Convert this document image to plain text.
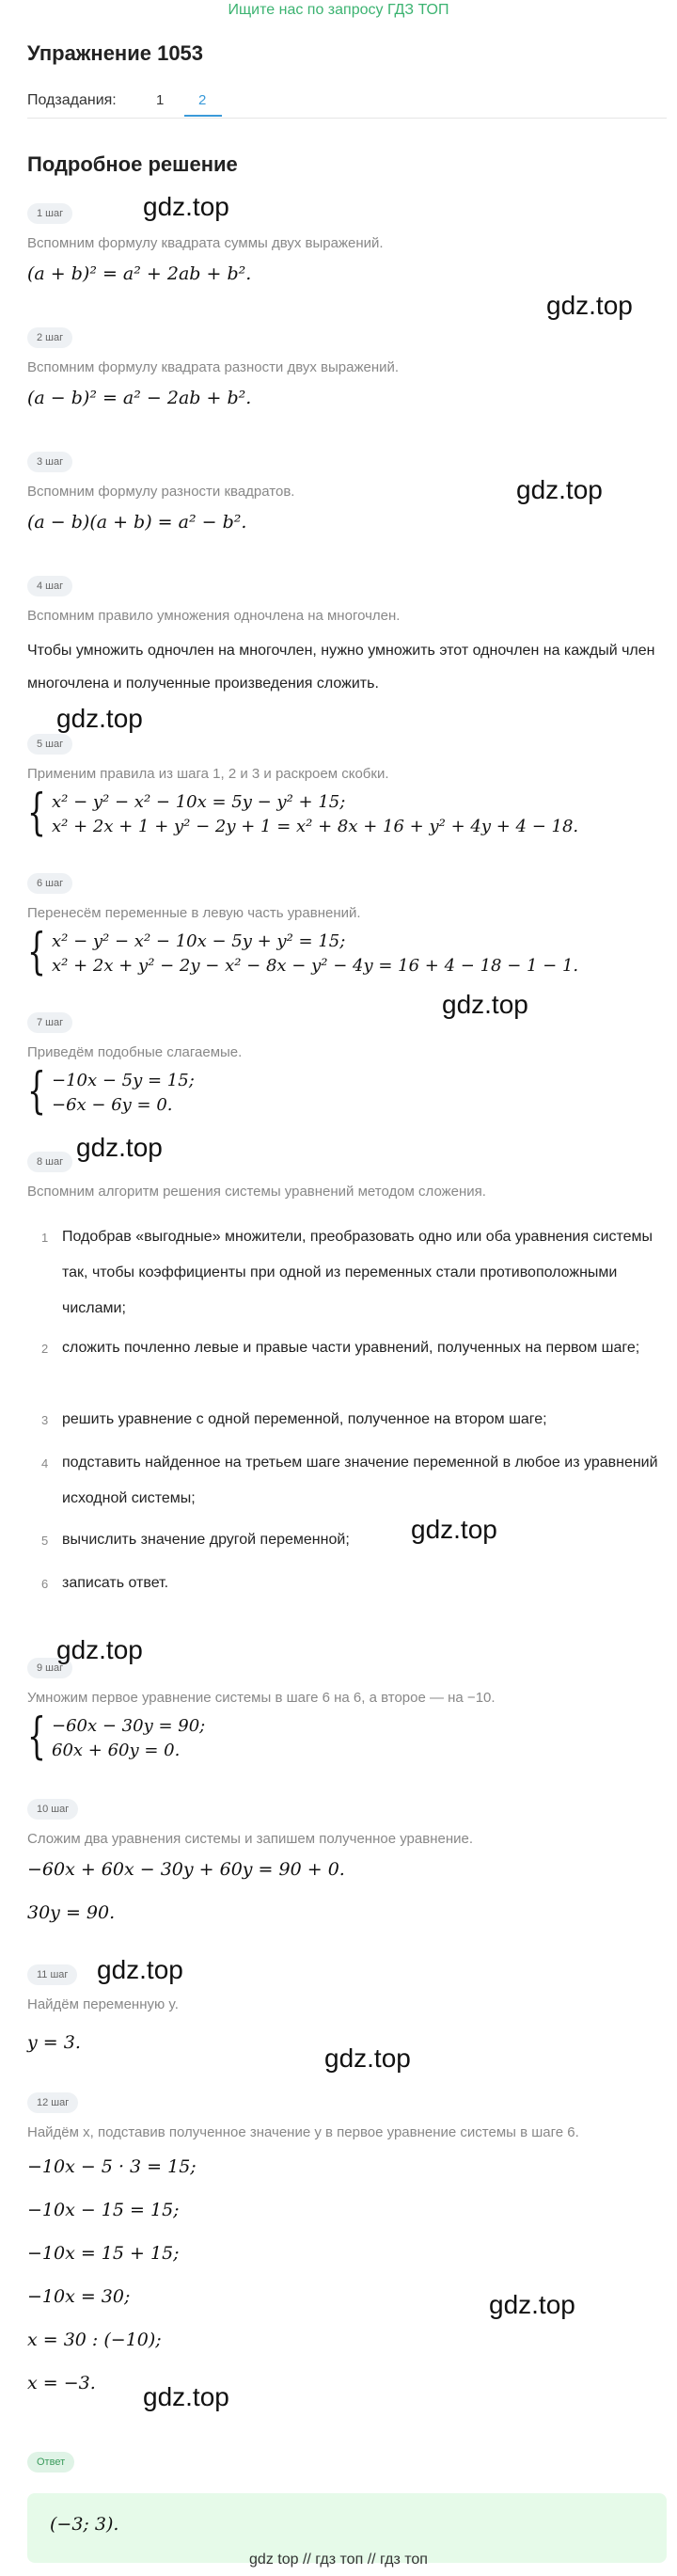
Ищите нас по запросу ГДЗ ТОП
Упражнение 1053
Подзадания:	1 2
Подробное решение
1 шаг
Вспомним формулу квадрата суммы двух выражений.
(a + b)² = a² + 2ab + b².
2 шаг
Вспомним формулу квадрата разности двух выражений.
(a − b)² = a² − 2ab + b².
3 шаг
Вспомним формулу разности квадратов.
(a − b)(a + b) = a² − b².
4 шаг
Вспомним правило умножения одночлена на многочлен.
Чтобы умножить одночлен на многочлен, нужно умножить этот одночлен на каждый член многочлена и полученные произведения сложить.
5 шаг
Применим правила из шага 1, 2 и 3 и раскроем скобки.
{ x² − y² − x² − 10x = 5y − y² + 15;
x² + 2x + 1 + y² − 2y + 1 = x² + 8x + 16 + y² + 4y + 4 − 18.
6 шаг
Перенесём переменные в левую часть уравнений.
{ x² − y² − x² − 10x − 5y + y² = 15;
x² + 2x + y² − 2y − x² − 8x − y² − 4y = 16 + 4 − 18 − 1 − 1.
7 шаг
Приведём подобные слагаемые.
{ −10x − 5y = 15;
−6x − 6y = 0.
8 шаг
Вспомним алгоритм решения системы уравнений методом сложения.
1 Подобрав «выгодные» множители, преобразовать одно или оба уравнения системы так, чтобы коэффициенты при одной из переменных стали противоположными числами;
2 сложить почленно левые и правые части уравнений, полученных на первом шаге;
3 решить уравнение с одной переменной, полученное на втором шаге;
4 подставить найденное на третьем шаге значение переменной в любое из уравнений исходной системы;
5 вычислить значение другой переменной;
6 записать ответ.
9 шаг
Умножим первое уравнение системы в шаге 6 на 6, а второе — на −10.
{ −60x − 30y = 90;
60x + 60y = 0.
10 шаг
Сложим два уравнения системы и запишем полученное уравнение.
−60x + 60x − 30y + 60y = 90 + 0.
30y = 90.
11 шаг
Найдём переменную y.
y = 3.
12 шаг
Найдём x, подставив полученное значение y в первое уравнение системы в шаге 6.
−10x − 5 · 3 = 15;
−10x − 15 = 15;
−10x = 15 + 15;
−10x = 30;
x = 30 : (−10);
x = −3.
Ответ
(−3; 3).
gdz.top
gdz.top
gdz.top
gdz.top
gdz.top
gdz.top
gdz.top
gdz.top
gdz.top
gdz.top
gdz.top
gdz.top
gdz top // гдз топ // гдз топ
